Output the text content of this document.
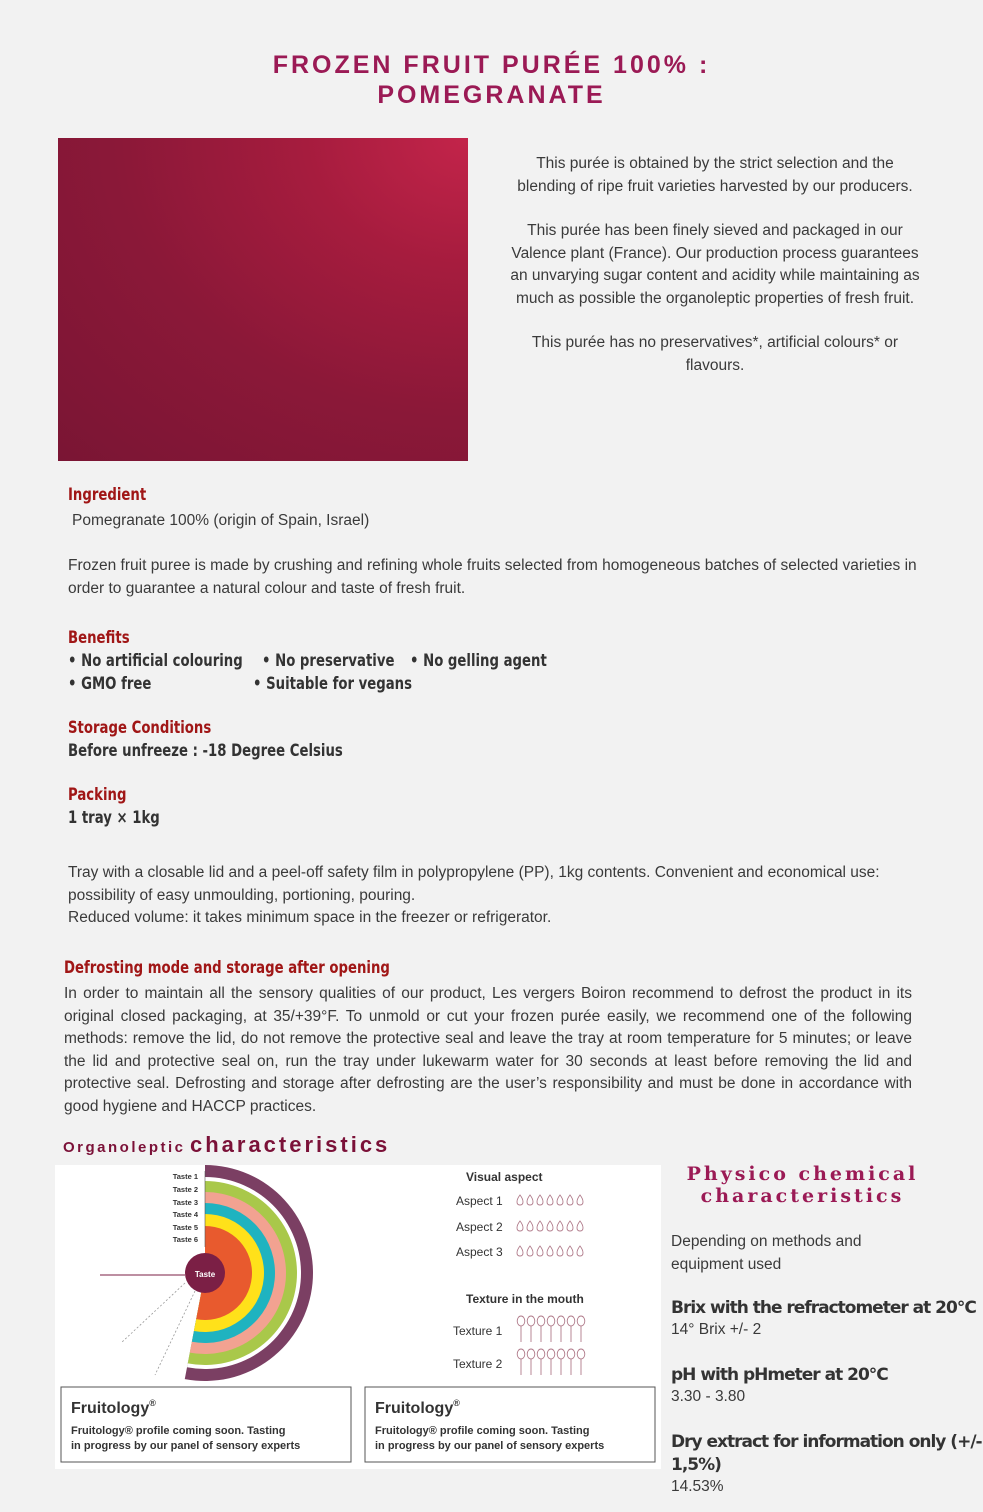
FROZEN FRUIT PURÉE 100% :
POMEGRANATE

This purée is obtained by the strict selection and the blending of ripe fruit varieties harvested by our producers.

This purée has been finely sieved and packaged in our Valence plant (France). Our production process guarantees an unvarying sugar content and acidity while maintaining as much as possible the organoleptic properties of fresh fruit.

This purée has no preservatives*, artificial colours* or flavours.

Ingredient
Pomegranate 100% (origin of Spain, Israel)
Frozen fruit puree is made by crushing and refining whole fruits selected from homogeneous batches of selected varieties in order to guarantee a natural colour and taste of fresh fruit.
Benefits
• No artificial colouring • No preservative • No gelling agent
• GMO free	• Suitable for vegans
Storage Conditions
Before unfreeze : -18 Degree Celsius
Packing
1 tray × 1kg
Tray with a closable lid and a peel-off safety film in polypropylene (PP), 1kg contents. Convenient and economical use: possibility of easy unmoulding, portioning, pouring.
Reduced volume: it takes minimum space in the freezer or refrigerator.
Defrosting mode and storage after opening
In order to maintain all the sensory qualities of our product, Les vergers Boiron recommend to defrost the product in its original closed packaging, at 35/+39°F. To unmold or cut your frozen purée easily, we recommend one of the following methods: remove the lid, do not remove the protective seal and leave the tray at room temperature for 5 minutes; or leave the lid and protective seal on, run the tray under lukewarm water for 30 seconds at least before removing the lid and protective seal. Defrosting and storage after defrosting are the user’s responsibility and must be done in accordance with good hygiene and HACCP practices.
Organoleptic characteristics
Taste 1
Taste 2
Taste 3
Taste 4
Taste 5
Taste 6
Taste
Visual aspect
Aspect 1
Aspect 2
Aspect 3
Texture in the mouth
Texture 1
Texture 2
Fruitology®
Fruitology® profile coming soon. Tasting
in progress by our panel of sensory experts
Fruitology®
Fruitology® profile coming soon. Tasting
in progress by our panel of sensory experts
Physico chemical
characteristics
Depending on methods and equipment used
Brix with the refractometer at 20°C
14° Brix +/- 2
pH with pHmeter at 20°C
3.30 - 3.80
Dry extract for information only (+/-
1,5%)
14.53%
